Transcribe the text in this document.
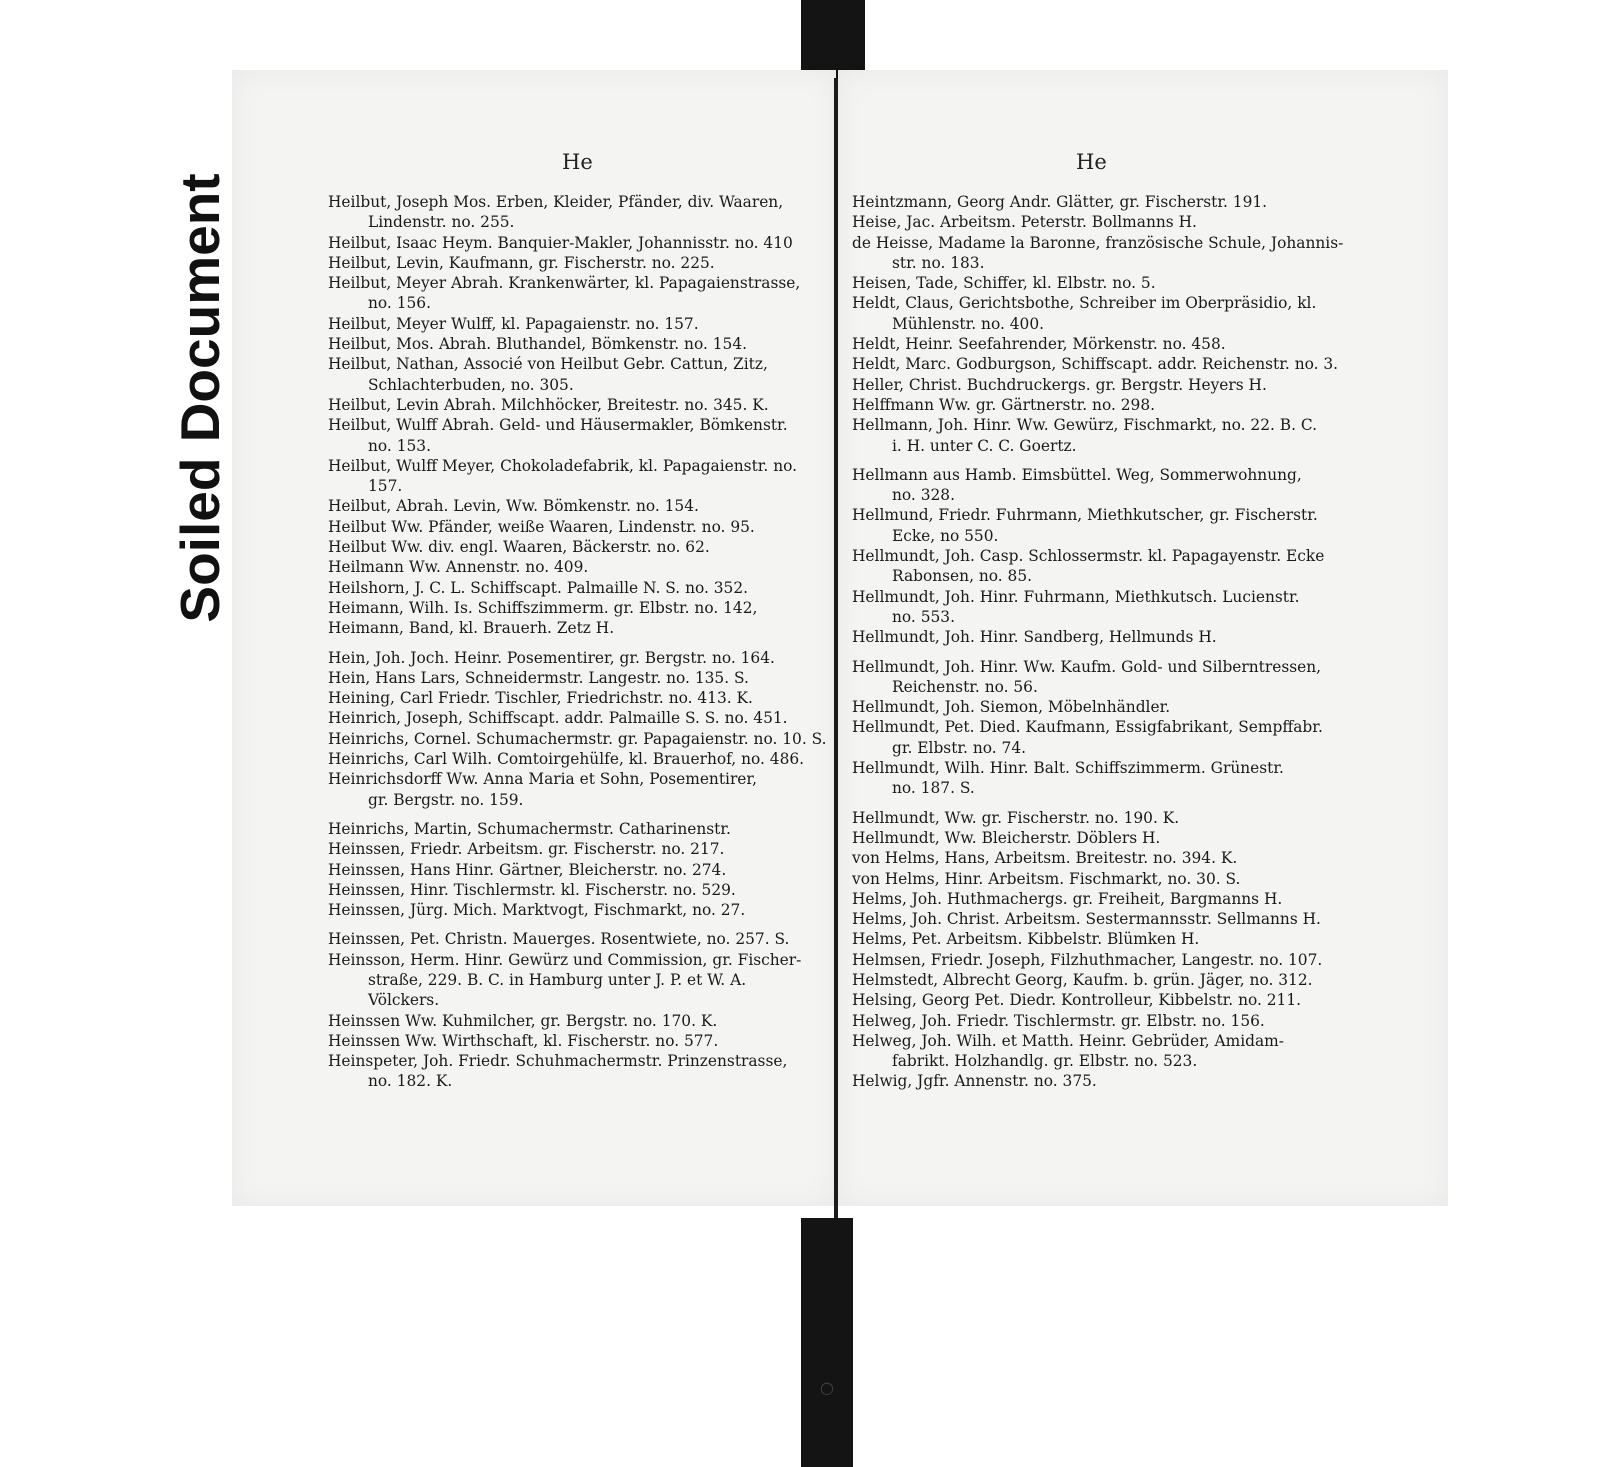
Soiled Document
He
Heilbut, Joseph Mos. Erben, Kleider, Pfänder, div. Waaren,
Lindenstr. no. 255.
Heilbut, Isaac Heym. Banquier-Makler, Johannisstr. no. 410
Heilbut, Levin, Kaufmann, gr. Fischerstr. no. 225.
Heilbut, Meyer Abrah. Krankenwärter, kl. Papagaienstrasse,
no. 156.
Heilbut, Meyer Wulff, kl. Papagaienstr. no. 157.
Heilbut, Mos. Abrah. Bluthandel, Bömkenstr. no. 154.
Heilbut, Nathan, Associé von Heilbut Gebr. Cattun, Zitz,
Schlachterbuden, no. 305.
Heilbut, Levin Abrah. Milchhöcker, Breitestr. no. 345. K.
Heilbut, Wulff Abrah. Geld- und Häusermakler, Bömkenstr.
no. 153.
Heilbut, Wulff Meyer, Chokoladefabrik, kl. Papagaienstr. no.
157.
Heilbut, Abrah. Levin, Ww. Bömkenstr. no. 154.
Heilbut Ww. Pfänder, weiße Waaren, Lindenstr. no. 95.
Heilbut Ww. div. engl. Waaren, Bäckerstr. no. 62.
Heilmann Ww. Annenstr. no. 409.
Heilshorn, J. C. L. Schiffscapt. Palmaille N. S. no. 352.
Heimann, Wilh. Is. Schiffszimmerm. gr. Elbstr. no. 142,
Heimann, Band, kl. Brauerh. Zetz H.
Hein, Joh. Joch. Heinr. Posementirer, gr. Bergstr. no. 164.
Hein, Hans Lars, Schneidermstr. Langestr. no. 135. S.
Heining, Carl Friedr. Tischler, Friedrichstr. no. 413. K.
Heinrich, Joseph, Schiffscapt. addr. Palmaille S. S. no. 451.
Heinrichs, Cornel. Schumachermstr. gr. Papagaienstr. no. 10. S.
Heinrichs, Carl Wilh. Comtoirgehülfe, kl. Brauerhof, no. 486.
Heinrichsdorff Ww. Anna Maria et Sohn, Posementirer,
gr. Bergstr. no. 159.
Heinrichs, Martin, Schumachermstr. Catharinenstr.
Heinssen, Friedr. Arbeitsm. gr. Fischerstr. no. 217.
Heinssen, Hans Hinr. Gärtner, Bleicherstr. no. 274.
Heinssen, Hinr. Tischlermstr. kl. Fischerstr. no. 529.
Heinssen, Jürg. Mich. Marktvogt, Fischmarkt, no. 27.
Heinssen, Pet. Christn. Mauerges. Rosentwiete, no. 257. S.
Heinsson, Herm. Hinr. Gewürz und Commission, gr. Fischer-
straße, 229. B. C. in Hamburg unter J. P. et W. A.
Völckers.
Heinssen Ww. Kuhmilcher, gr. Bergstr. no. 170. K.
Heinssen Ww. Wirthschaft, kl. Fischerstr. no. 577.
Heinspeter, Joh. Friedr. Schuhmachermstr. Prinzenstrasse,
no. 182. K.
He
Heintzmann, Georg Andr. Glätter, gr. Fischerstr. 191.
Heise, Jac. Arbeitsm. Peterstr. Bollmanns H.
de Heisse, Madame la Baronne, französische Schule, Johannis-
str. no. 183.
Heisen, Tade, Schiffer, kl. Elbstr. no. 5.
Heldt, Claus, Gerichtsbothe, Schreiber im Oberpräsidio, kl.
Mühlenstr. no. 400.
Heldt, Heinr. Seefahrender, Mörkenstr. no. 458.
Heldt, Marc. Godburgson, Schiffscapt. addr. Reichenstr. no. 3.
Heller, Christ. Buchdruckergs. gr. Bergstr. Heyers H.
Helffmann Ww. gr. Gärtnerstr. no. 298.
Hellmann, Joh. Hinr. Ww. Gewürz, Fischmarkt, no. 22. B. C.
i. H. unter C. C. Goertz.
Hellmann aus Hamb. Eimsbüttel. Weg, Sommerwohnung,
no. 328.
Hellmund, Friedr. Fuhrmann, Miethkutscher, gr. Fischerstr.
Ecke, no 550.
Hellmundt, Joh. Casp. Schlossermstr. kl. Papagayenstr. Ecke
Rabonsen, no. 85.
Hellmundt, Joh. Hinr. Fuhrmann, Miethkutsch. Lucienstr.
no. 553.
Hellmundt, Joh. Hinr. Sandberg, Hellmunds H.
Hellmundt, Joh. Hinr. Ww. Kaufm. Gold- und Silberntressen,
Reichenstr. no. 56.
Hellmundt, Joh. Siemon, Möbelnhändler.
Hellmundt, Pet. Died. Kaufmann, Essigfabrikant, Sempffabr.
gr. Elbstr. no. 74.
Hellmundt, Wilh. Hinr. Balt. Schiffszimmerm. Grünestr.
no. 187. S.
Hellmundt, Ww. gr. Fischerstr. no. 190. K.
Hellmundt, Ww. Bleicherstr. Döblers H.
von Helms, Hans, Arbeitsm. Breitestr. no. 394. K.
von Helms, Hinr. Arbeitsm. Fischmarkt, no. 30. S.
Helms, Joh. Huthmachergs. gr. Freiheit, Bargmanns H.
Helms, Joh. Christ. Arbeitsm. Sestermannsstr. Sellmanns H.
Helms, Pet. Arbeitsm. Kibbelstr. Blümken H.
Helmsen, Friedr. Joseph, Filzhuthmacher, Langestr. no. 107.
Helmstedt, Albrecht Georg, Kaufm. b. grün. Jäger, no. 312.
Helsing, Georg Pet. Diedr. Kontrolleur, Kibbelstr. no. 211.
Helweg, Joh. Friedr. Tischlermstr. gr. Elbstr. no. 156.
Helweg, Joh. Wilh. et Matth. Heinr. Gebrüder, Amidam-
fabrikt. Holzhandlg. gr. Elbstr. no. 523.
Helwig, Jgfr. Annenstr. no. 375.
○
